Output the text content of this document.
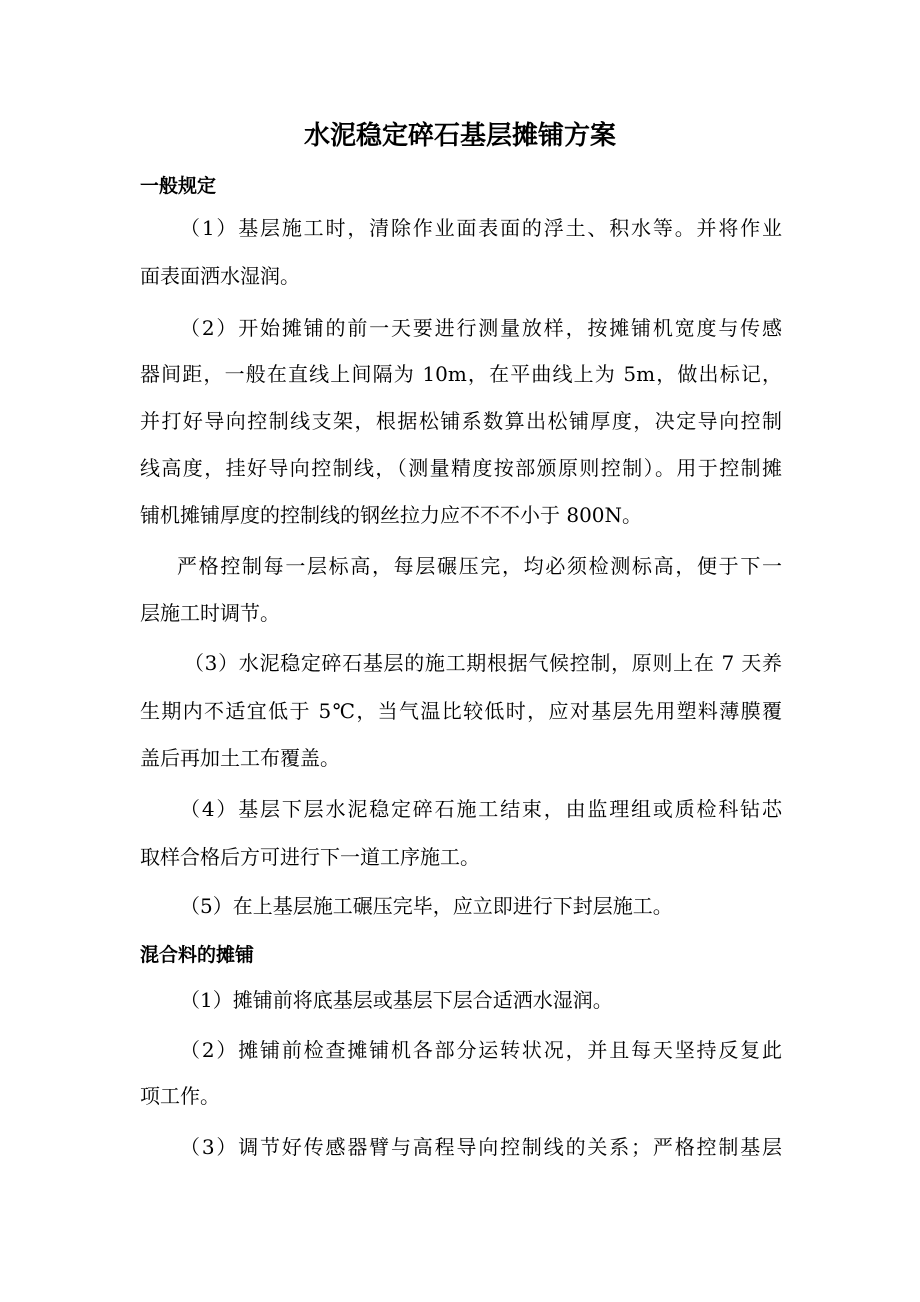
水泥稳定碎石基层摊铺方案
一般规定

（1）基层施工时，清除作业面表面的浮土、积水等。并将作业

面表面洒水湿润。

（2）开始摊铺的前一天要进行测量放样，按摊铺机宽度与传感

器间距，一般在直线上间隔为 10m，在平曲线上为 5m，做出标记，

并打好导向控制线支架，根据松铺系数算出松铺厚度，决定导向控制

线高度，挂好导向控制线，（测量精度按部颁原则控制）。用于控制摊

铺机摊铺厚度的控制线的钢丝拉力应不不不小于 800N。

严格控制每一层标高，每层碾压完，均必须检测标高，便于下一

层施工时调节。

（3）水泥稳定碎石基层的施工期根据气候控制，原则上在 7 天养

生期内不适宜低于 5℃，当气温比较低时，应对基层先用塑料薄膜覆

盖后再加土工布覆盖。

（4）基层下层水泥稳定碎石施工结束，由监理组或质检科钻芯

取样合格后方可进行下一道工序施工。

（5）在上基层施工碾压完毕，应立即进行下封层施工。

混合料的摊铺

（1）摊铺前将底基层或基层下层合适洒水湿润。

（2）摊铺前检查摊铺机各部分运转状况，并且每天坚持反复此

项工作。

（3）调节好传感器臂与高程导向控制线的关系；严格控制基层
